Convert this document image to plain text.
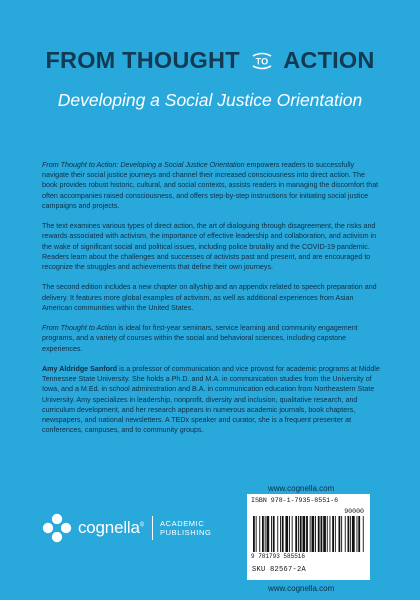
FROM THOUGHT TO ACTION
Developing a Social Justice Orientation

From Thought to Action: Developing a Social Justice Orientation empowers readers to successfully navigate their social justice journeys and channel their increased consciousness into direct action. The book provides robust historic, cultural, and social contexts, assists readers in managing the discomfort that often accompanies raised consciousness, and offers step-by-step instructions for initiating social justice campaigns and projects.

The text examines various types of direct action, the art of dialoguing through disagreement, the risks and rewards associated with activism, the importance of effective leadership and collaboration, and activism in the wake of significant social and political issues, including police brutality and the COVID-19 pandemic. Readers learn about the challenges and successes of activists past and present, and are encouraged to recognize the struggles and achievements that define their own journeys.

The second edition includes a new chapter on allyship and an appendix related to speech preparation and delivery. It features more global examples of activism, as well as additional experiences from Asian American communities within the United States.

From Thought to Action is ideal for first-year seminars, service learning and community engagement programs, and a variety of courses within the social and behavioral sciences, including capstone experiences.

Amy Aldridge Sanford is a professor of communication and vice provost for academic programs at Middle Tennessee State University. She holds a Ph.D. and M.A. in communication studies from the University of Iowa, and a M.Ed. in school administration and B.A. in communication education from Northeastern State University. Amy specializes in leadership, nonprofit, diversity and inclusion, qualitative research, and curriculum development, and her research appears in numerous academic journals, book chapters, newspapers, and national newsletters. A TEDx speaker and curator, she is a frequent presenter at conferences, campuses, and to community groups.

cognella® ACADEMIC
PUBLISHING
www.cognella.com
ISBN 978-1-7935-8551-6
90000
9 781793 585516
SKU 82567-2A
www.cognella.com
